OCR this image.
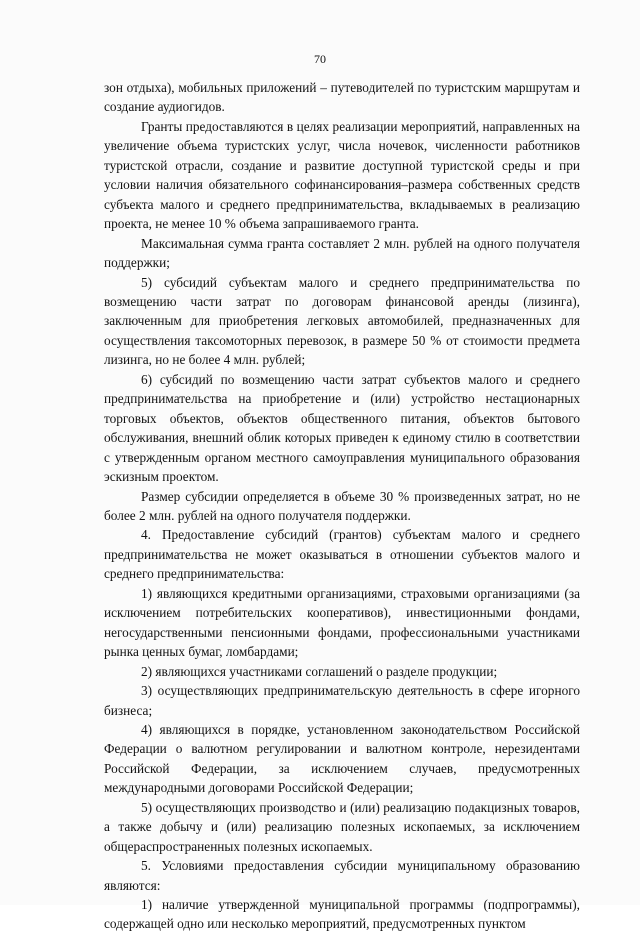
70

зон отдыха), мобильных приложений – путеводителей по туристским маршрутам и создание аудиогидов.

Гранты предоставляются в целях реализации мероприятий, направленных на увеличение объема туристских услуг, числа ночевок, численности работников туристской отрасли, создание и развитие доступной туристской среды и при условии наличия обязательного софинансирования–размера собственных средств субъекта малого и среднего предпринимательства, вкладываемых в реализацию проекта, не менее 10 % объема запрашиваемого гранта.

Максимальная сумма гранта составляет 2 млн. рублей на одного получателя поддержки;

5) субсидий субъектам малого и среднего предпринимательства по возмещению части затрат по договорам финансовой аренды (лизинга), заключенным для приобретения легковых автомобилей, предназначенных для осуществления таксомоторных перевозок, в размере 50 % от стоимости предмета лизинга, но не более 4 млн. рублей;

6) субсидий по возмещению части затрат субъектов малого и среднего предпринимательства на приобретение и (или) устройство нестационарных торговых объектов, объектов общественного питания, объектов бытового обслуживания, внешний облик которых приведен к единому стилю в соответствии с утвержденным органом местного самоуправления муниципального образования эскизным проектом.

Размер субсидии определяется в объеме 30 % произведенных затрат, но не более 2 млн. рублей на одного получателя поддержки.

4. Предоставление субсидий (грантов) субъектам малого и среднего предпринимательства не может оказываться в отношении субъектов малого и среднего предпринимательства:

1) являющихся кредитными организациями, страховыми организациями (за исключением потребительских кооперативов), инвестиционными фондами, негосударственными пенсионными фондами, профессиональными участниками рынка ценных бумаг, ломбардами;

2) являющихся участниками соглашений о разделе продукции;

3) осуществляющих предпринимательскую деятельность в сфере игорного бизнеса;

4) являющихся в порядке, установленном законодательством Российской Федерации о валютном регулировании и валютном контроле, нерезидентами Российской Федерации, за исключением случаев, предусмотренных международными договорами Российской Федерации;

5) осуществляющих производство и (или) реализацию подакцизных товаров, а также добычу и (или) реализацию полезных ископаемых, за исключением общераспространенных полезных ископаемых.

5. Условиями предоставления субсидии муниципальному образованию являются:

1) наличие утвержденной муниципальной программы (подпрограммы), содержащей одно или несколько мероприятий, предусмотренных пунктом
